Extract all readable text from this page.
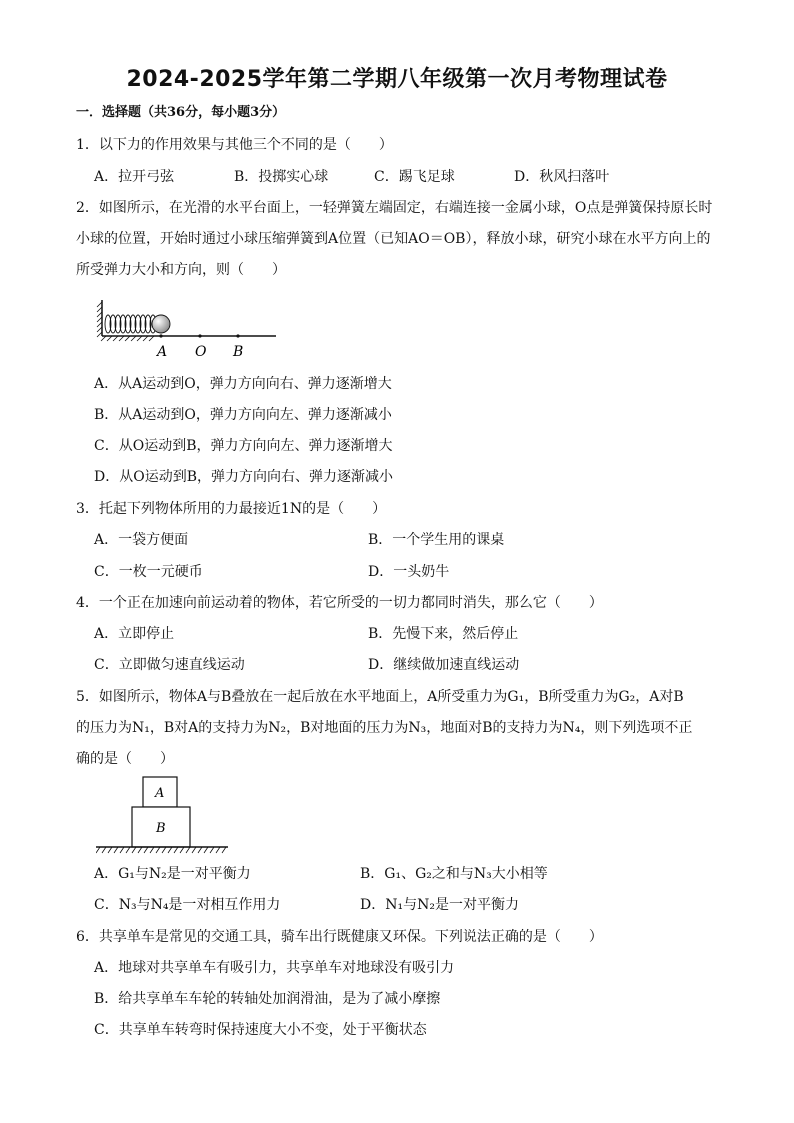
2024-2025学年第二学期八年级第一次月考物理试卷
一．选择题（共36分，每小题3分）
1．以下力的作用效果与其他三个不同的是（　　）
A．拉开弓弦	B．投掷实心球	C．踢飞足球	D．秋风扫落叶
2．如图所示，在光滑的水平台面上，一轻弹簧左端固定，右端连接一金属小球，O点是弹簧保持原长时
小球的位置，开始时通过小球压缩弹簧到A位置（已知AO＝OB），释放小球，研究小球在水平方向上的
所受弹力大小和方向，则（　　）
A O B
A．从A运动到O，弹力方向向右、弹力逐渐增大
B．从A运动到O，弹力方向向左、弹力逐渐减小
C．从O运动到B，弹力方向向左、弹力逐渐增大
D．从O运动到B，弹力方向向右、弹力逐渐减小
3．托起下列物体所用的力最接近1N的是（　　）
A．一袋方便面	B．一个学生用的课桌
C．一枚一元硬币	D．一头奶牛
4．一个正在加速向前运动着的物体，若它所受的一切力都同时消失，那么它（　　）
A．立即停止	B．先慢下来，然后停止
C．立即做匀速直线运动	D．继续做加速直线运动
5．如图所示，物体A与B叠放在一起后放在水平地面上，A所受重力为G₁，B所受重力为G₂，A对B
的压力为N₁，B对A的支持力为N₂，B对地面的压力为N₃，地面对B的支持力为N₄，则下列选项不正
确的是（　　）
A
B
A．G₁与N₂是一对平衡力	B．G₁、G₂之和与N₃大小相等
C．N₃与N₄是一对相互作用力	D．N₁与N₂是一对平衡力
6．共享单车是常见的交通工具，骑车出行既健康又环保。下列说法正确的是（　　）
A．地球对共享单车有吸引力，共享单车对地球没有吸引力
B．给共享单车车轮的转轴处加润滑油，是为了减小摩擦
C．共享单车转弯时保持速度大小不变，处于平衡状态
